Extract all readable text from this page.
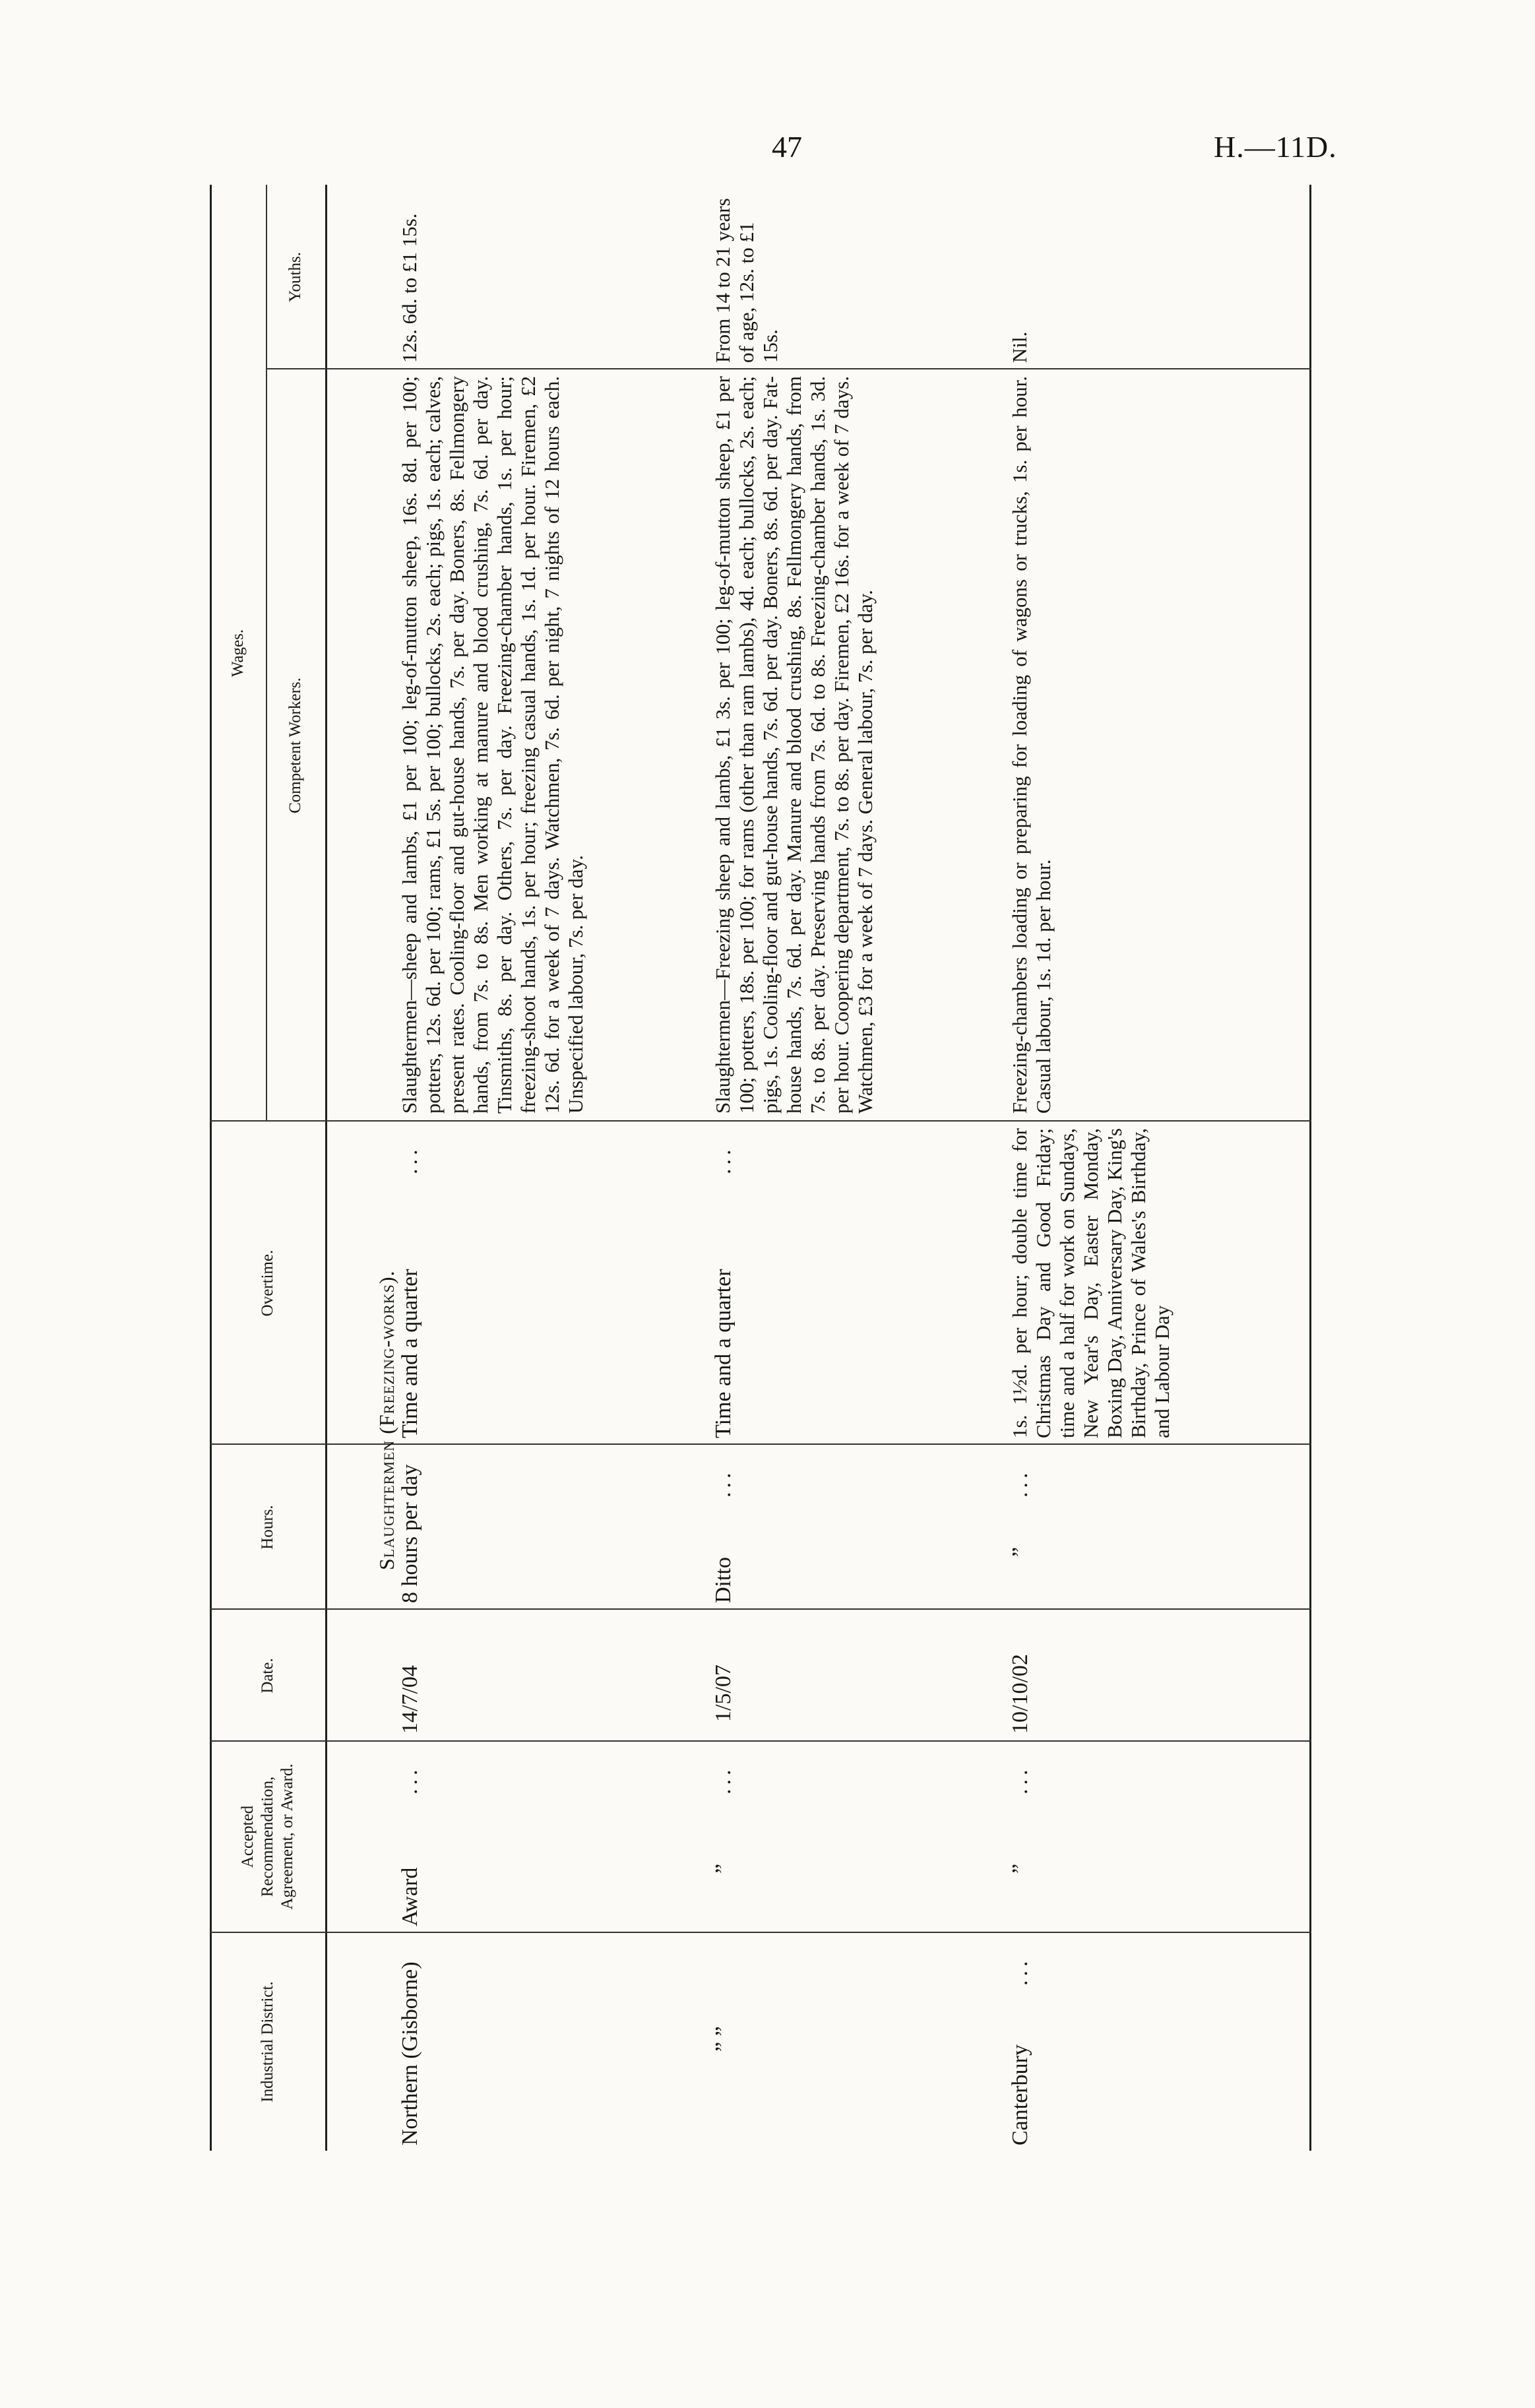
47	H.—11D.
Industrial District.
Accepted Recommendation, Agreement, or Award.
Date.
Hours.
Overtime.
Wages.
Competent Workers.
Youths.
Slaughtermen (Freezing-works).
Northern (Gisborne)
Award
...
14/7/04
8 hours per day
Time and a quarter
...
Slaughtermen—sheep and lambs, £1 per 100; leg-of-mutton sheep, 16s. 8d. per 100; potters, 12s. 6d. per 100; rams, £1 5s. per 100; bullocks, 2s. each; pigs, 1s. each; calves, present rates. Cooling-floor and gut-house hands, 7s. per day. Boners, 8s. Fellmongery hands, from 7s. to 8s. Men working at manure and blood crushing, 7s. 6d. per day. Tinsmiths, 8s. per day. Others, 7s. per day. Freezing-chamber hands, 1s. per hour; freezing-shoot hands, 1s. per hour; freezing casual hands, 1s. 1d. per hour. Firemen, £2 12s. 6d. for a week of 7 days. Watchmen, 7s. 6d. per night, 7 nights of 12 hours each. Unspecified labour, 7s. per day.
12s. 6d. to £1 15s.
” ”
”
...
1/5/07
Ditto
...
Time and a quarter
...
Slaughtermen—Freezing sheep and lambs, £1 3s. per 100; leg-of-mutton sheep, £1 per 100; potters, 18s. per 100; for rams (other than ram lambs), 4d. each; bullocks, 2s. each; pigs, 1s. Cooling-floor and gut-house hands, 7s. 6d. per day. Boners, 8s. 6d. per day. Fat-house hands, 7s. 6d. per day. Manure and blood crushing, 8s. Fellmongery hands, from 7s. to 8s. per day. Preserving hands from 7s. 6d. to 8s. Freezing-chamber hands, 1s. 3d. per hour. Coopering department, 7s. to 8s. per day. Firemen, £2 16s. for a week of 7 days. Watchmen, £3 for a week of 7 days. General labour, 7s. per day.
From 14 to 21 years of age, 12s. to £1 15s.
Canterbury
...
”
...
10/10/02
”
...
1s. 1½d. per hour; double time for Christmas Day and Good Friday; time and a half for work on Sundays, New Year's Day, Easter Monday, Boxing Day, Anniversary Day, King's Birthday, Prince of Wales's Birthday, and Labour Day
Freezing-chambers loading or preparing for loading of wagons or trucks, 1s. per hour. Casual labour, 1s. 1d. per hour.
Nil.
